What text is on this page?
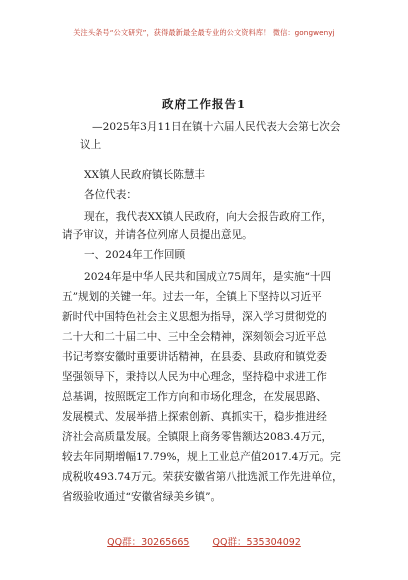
关注头条号“公文研究”，获得最新最全最专业的公文资料库！ 微信：gongwenyj
政府工作报告1
—2025年3月11日在镇十六届人民代表大会第七次会
议上
XX镇人民政府镇长陈慧丰
各位代表：
现在，我代表XX镇人民政府，向大会报告政府工作，
请予审议，并请各位列席人员提出意见。
一、2024年工作回顾
2024年是中华人民共和国成立75周年，是实施“十四
五”规划的关键一年。过去一年，全镇上下坚持以习近平
新时代中国特色社会主义思想为指导，深入学习贯彻党的
二十大和二十届二中、三中全会精神，深刻领会习近平总
书记考察安徽时重要讲话精神，在县委、县政府和镇党委
坚强领导下，秉持以人民为中心理念，坚持稳中求进工作
总基调，按照既定工作方向和市场化理念，在发展思路、
发展模式、发展举措上探索创新、真抓实干，稳步推进经
济社会高质量发展。全镇限上商务零售额达2083.4万元，
较去年同期增幅17.79%，规上工业总产值2017.4万元。完
成税收493.74万元。荣获安徽省第八批选派工作先进单位，
省级验收通过“安徽省绿美乡镇”。
QQ群：30265665 QQ群：535304092
